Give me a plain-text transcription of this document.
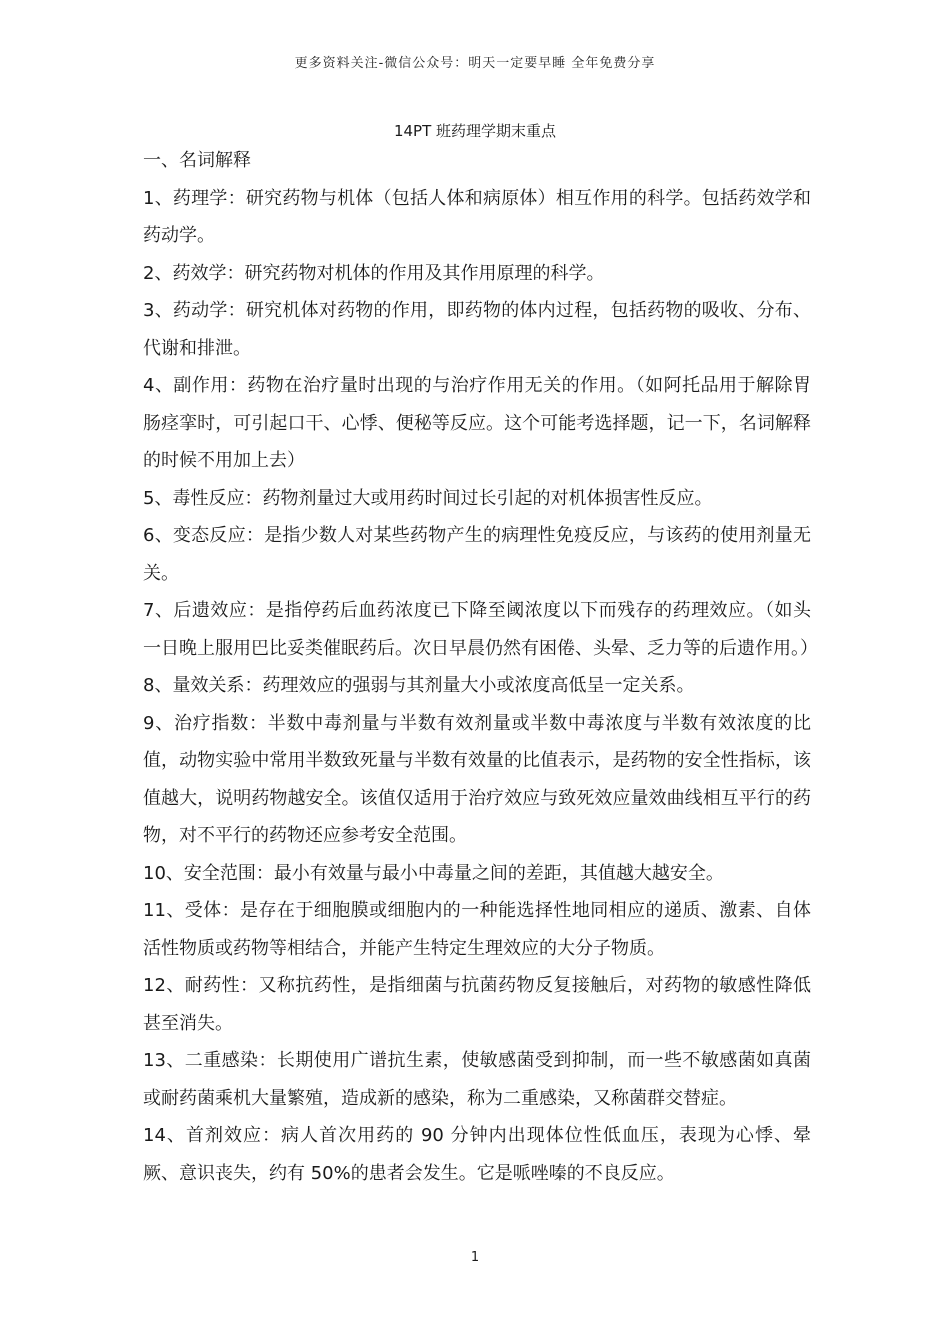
更多资料关注-微信公众号：明天一定要早睡 全年免费分享
14PT 班药理学期末重点

一、名词解释

1、药理学：研究药物与机体（包括人体和病原体）相互作用的科学。包括药效学和药动学。

2、药效学：研究药物对机体的作用及其作用原理的科学。

3、药动学：研究机体对药物的作用，即药物的体内过程，包括药物的吸收、分布、代谢和排泄。

4、副作用：药物在治疗量时出现的与治疗作用无关的作用。（如阿托品用于解除胃肠痉挛时，可引起口干、心悸、便秘等反应。这个可能考选择题，记一下，名词解释的时候不用加上去）

5、毒性反应：药物剂量过大或用药时间过长引起的对机体损害性反应。

6、变态反应：是指少数人对某些药物产生的病理性免疫反应，与该药的使用剂量无关。

7、后遗效应：是指停药后血药浓度已下降至阈浓度以下而残存的药理效应。（如头一日晚上服用巴比妥类催眠药后。次日早晨仍然有困倦、头晕、乏力等的后遗作用。）

8、量效关系：药理效应的强弱与其剂量大小或浓度高低呈一定关系。

9、治疗指数：半数中毒剂量与半数有效剂量或半数中毒浓度与半数有效浓度的比值，动物实验中常用半数致死量与半数有效量的比值表示，是药物的安全性指标，该值越大，说明药物越安全。该值仅适用于治疗效应与致死效应量效曲线相互平行的药物，对不平行的药物还应参考安全范围。

10、安全范围：最小有效量与最小中毒量之间的差距，其值越大越安全。

11、受体：是存在于细胞膜或细胞内的一种能选择性地同相应的递质、激素、自体活性物质或药物等相结合，并能产生特定生理效应的大分子物质。

12、耐药性：又称抗药性，是指细菌与抗菌药物反复接触后，对药物的敏感性降低甚至消失。

13、二重感染：长期使用广谱抗生素，使敏感菌受到抑制，而一些不敏感菌如真菌或耐药菌乘机大量繁殖，造成新的感染，称为二重感染，又称菌群交替症。

14、首剂效应：病人首次用药的 90 分钟内出现体位性低血压，表现为心悸、晕厥、意识丧失，约有 50%的患者会发生。它是哌唑嗪的不良反应。

1
